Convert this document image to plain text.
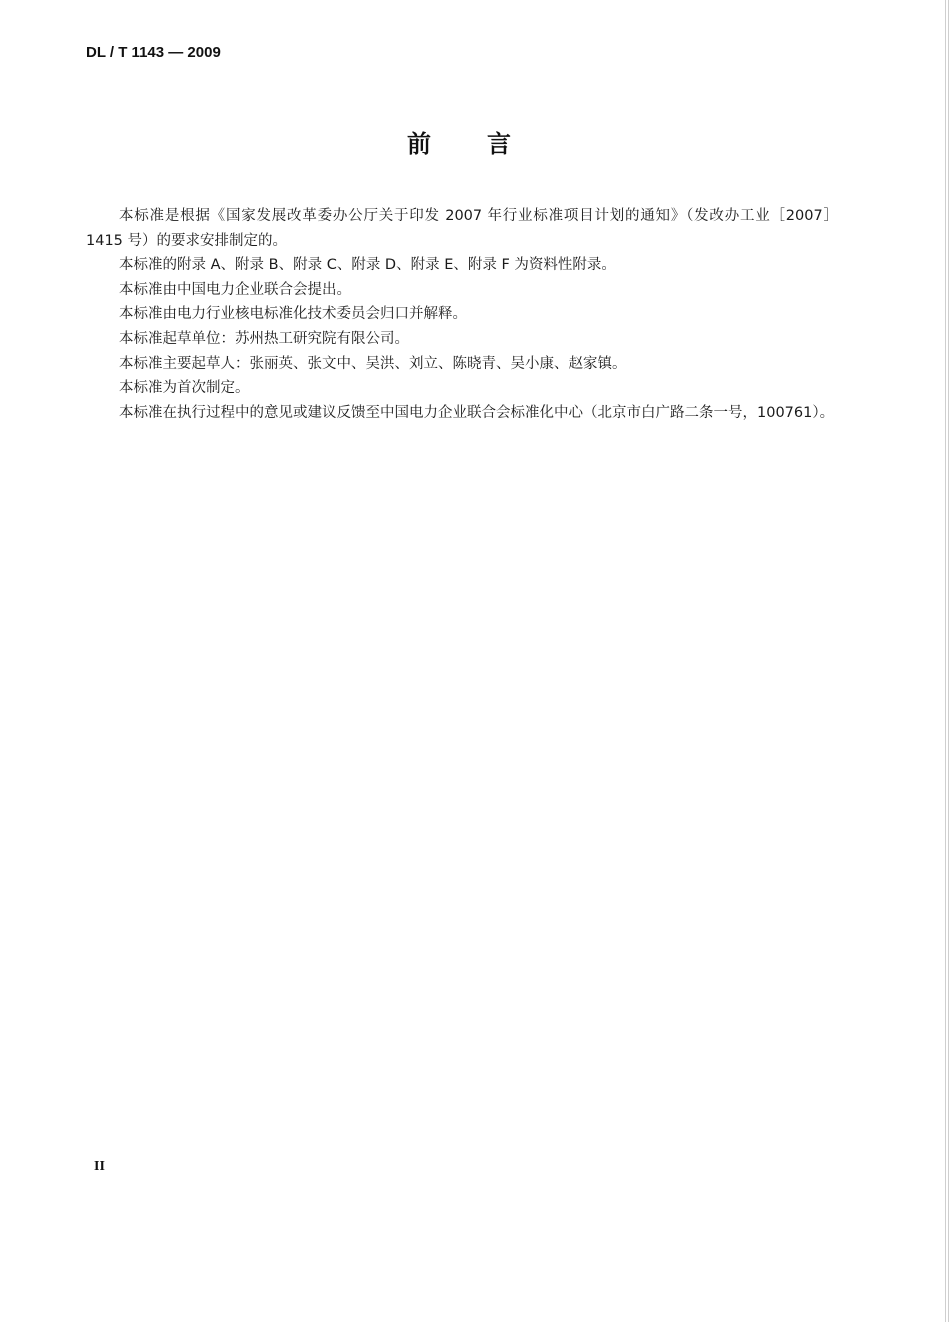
DL / T 1143 — 2009
前 言

本标准是根据《国家发展改革委办公厅关于印发 2007 年行业标准项目计划的通知》（发改办工业［2007］1415 号）的要求安排制定的。

本标准的附录 A、附录 B、附录 C、附录 D、附录 E、附录 F 为资料性附录。

本标准由中国电力企业联合会提出。

本标准由电力行业核电标准化技术委员会归口并解释。

本标准起草单位：苏州热工研究院有限公司。

本标准主要起草人：张丽英、张文中、吴洪、刘立、陈晓青、吴小康、赵家镇。

本标准为首次制定。

本标准在执行过程中的意见或建议反馈至中国电力企业联合会标准化中心（北京市白广路二条一号，100761）。

II
